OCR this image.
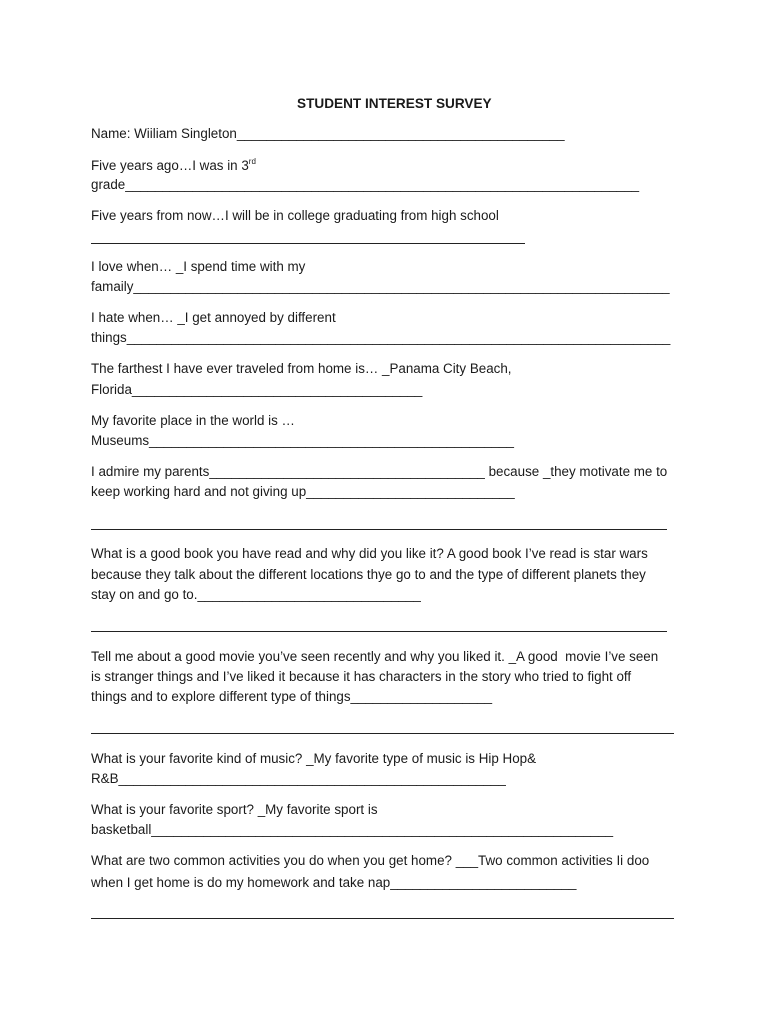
STUDENT INTEREST SURVEY
Name: Wiiliam Singleton____________________________________________
Five years ago…I was in 3rd
grade_____________________________________________________________________
Five years from now…I will be in college graduating from high school
I love when… _I spend time with my
famaily________________________________________________________________________
I hate when… _I get annoyed by different
things_________________________________________________________________________
The farthest I have ever traveled from home is… _Panama City Beach,
Florida_______________________________________
My favorite place in the world is …
Museums_________________________________________________
I admire my parents_____________________________________ because _they motivate me to
keep working hard and not giving up____________________________
What is a good book you have read and why did you like it? A good book I’ve read is star wars
because they talk about the different locations thye go to and the type of different planets they
stay on and go to.______________________________
Tell me about a good movie you’ve seen recently and why you liked it. _A good  movie I’ve seen
is stranger things and I’ve liked it because it has characters in the story who tried to fight off
things and to explore different type of things___________________
What is your favorite kind of music? _My favorite type of music is Hip Hop&
R&B____________________________________________________
What is your favorite sport? _My favorite sport is
basketball______________________________________________________________
What are two common activities you do when you get home? ___Two common activities Ii doo
when I get home is do my homework and take nap_________________________
